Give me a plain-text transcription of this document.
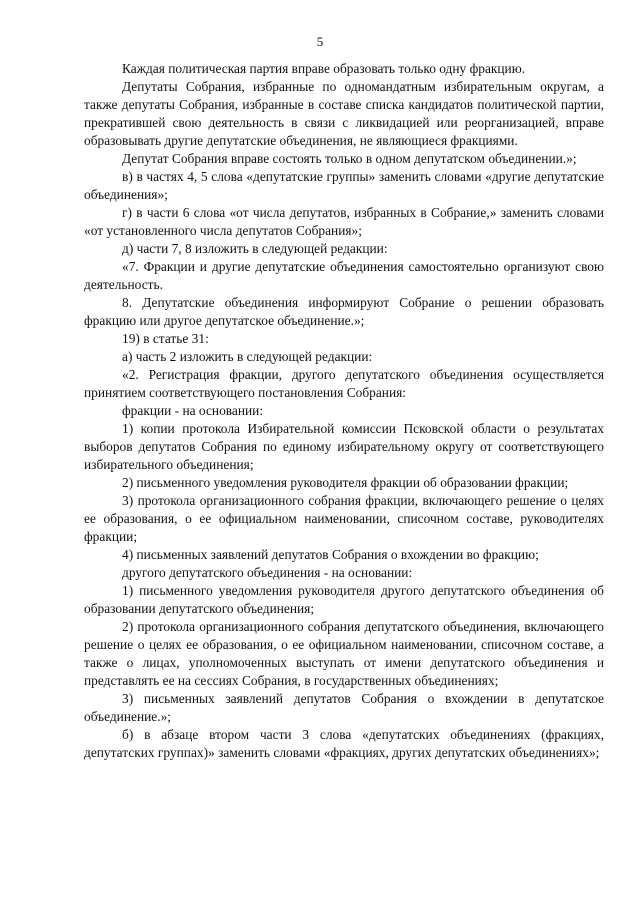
5

Каждая политическая партия вправе образовать только одну фракцию.

Депутаты Собрания, избранные по одномандатным избирательным округам, а также депутаты Собрания, избранные в составе списка кандидатов политической партии, прекратившей свою деятельность в связи с ликвидацией или реорганизацией, вправе образовывать другие депутатские объединения, не являющиеся фракциями.

Депутат Собрания вправе состоять только в одном депутатском объединении.»;

в) в частях 4, 5 слова «депутатские группы» заменить словами «другие депутатские объединения»;

г) в части 6 слова «от числа депутатов, избранных в Собрание,» заменить словами «от установленного числа депутатов Собрания»;

д) части 7, 8 изложить в следующей редакции:

«7. Фракции и другие депутатские объединения самостоятельно организуют свою деятельность.

8. Депутатские объединения информируют Собрание о решении образовать фракцию или другое депутатское объединение.»;

19) в статье 31:

а) часть 2 изложить в следующей редакции:

«2. Регистрация фракции, другого депутатского объединения осуществляется принятием соответствующего постановления Собрания:

фракции - на основании:

1) копии протокола Избирательной комиссии Псковской области о результатах выборов депутатов Собрания по единому избирательному округу от соответствующего избирательного объединения;

2) письменного уведомления руководителя фракции об образовании фракции;

3) протокола организационного собрания фракции, включающего решение о целях ее образования, о ее официальном наименовании, списочном составе, руководителях фракции;

4) письменных заявлений депутатов Собрания о вхождении во фракцию;

другого депутатского объединения - на основании:

1) письменного уведомления руководителя другого депутатского объединения об образовании депутатского объединения;

2) протокола организационного собрания депутатского объединения, включающего решение о целях ее образования, о ее официальном наименовании, списочном составе, а также о лицах, уполномоченных выступать от имени депутатского объединения и представлять ее на сессиях Собрания, в государственных объединениях;

3) письменных заявлений депутатов Собрания о вхождении в депутатское объединение.»;

б) в абзаце втором части 3 слова «депутатских объединениях (фракциях, депутатских группах)» заменить словами «фракциях, других депутатских объединениях»;
